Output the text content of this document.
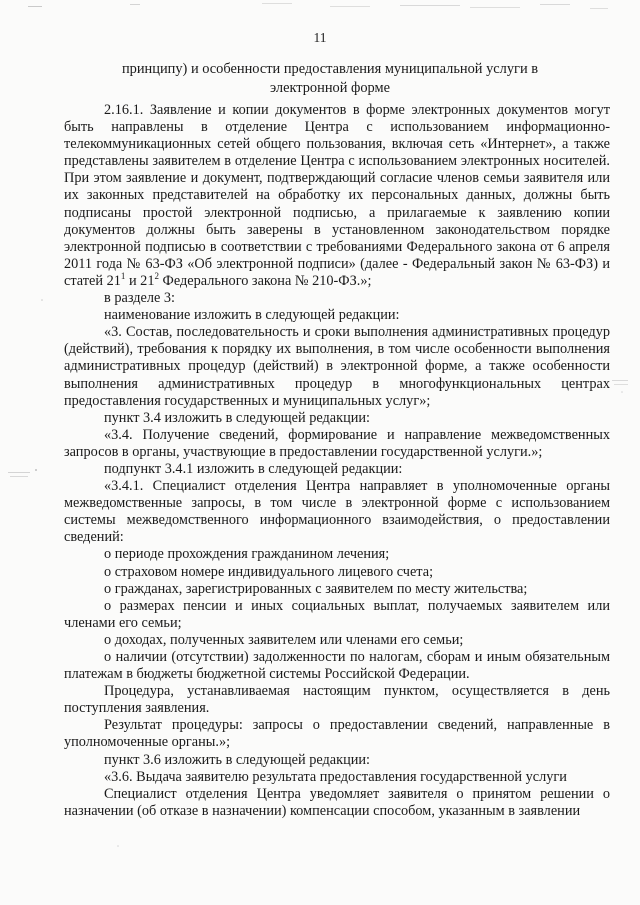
11
принципу) и особенности предоставления муниципальной услуги в электронной форме

2.16.1. Заявление и копии документов в форме электронных документов могут быть направлены в отделение Центра с использованием информационно-телекоммуникационных сетей общего пользования, включая сеть «Интернет», а также представлены заявителем в отделение Центра с использованием электронных носителей. При этом заявление и документ, подтверждающий согласие членов семьи заявителя или их законных представителей на обработку их персональных данных, должны быть подписаны простой электронной подписью, а прилагаемые к заявлению копии документов должны быть заверены в установленном законодательством порядке электронной подписью в соответствии с требованиями Федерального закона от 6 апреля 2011 года № 63-ФЗ «Об электронной подписи» (далее - Федеральный закон № 63-ФЗ) и статей $21^1$ и $21^2$ Федерального закона № 210-ФЗ.»;

в разделе 3:

наименование изложить в следующей редакции:

«3. Состав, последовательность и сроки выполнения административных процедур (действий), требования к порядку их выполнения, в том числе особенности выполнения административных процедур (действий) в электронной форме, а также особенности выполнения административных процедур в многофункциональных центрах предоставления государственных и муниципальных услуг»;

пункт 3.4 изложить в следующей редакции:

«3.4. Получение сведений, формирование и направление межведомственных запросов в органы, участвующие в предоставлении государственной услуги.»;

подпункт 3.4.1 изложить в следующей редакции:

«3.4.1. Специалист отделения Центра направляет в уполномоченные органы межведомственные запросы, в том числе в электронной форме с использованием системы межведомственного информационного взаимодействия, о предоставлении сведений:

о периоде прохождения гражданином лечения;

о страховом номере индивидуального лицевого счета;

о гражданах, зарегистрированных с заявителем по месту жительства;

о размерах пенсии и иных социальных выплат, получаемых заявителем или членами его семьи;

о доходах, полученных заявителем или членами его семьи;

о наличии (отсутствии) задолженности по налогам, сборам и иным обязательным платежам в бюджеты бюджетной системы Российской Федерации.

Процедура, устанавливаемая настоящим пунктом, осуществляется в день поступления заявления.

Результат процедуры: запросы о предоставлении сведений, направленные в уполномоченные органы.»;

пункт 3.6 изложить в следующей редакции:

«3.6. Выдача заявителю результата предоставления государственной услуги

Специалист отделения Центра уведомляет заявителя о принятом решении о назначении (об отказе в назначении) компенсации способом, указанным в заявлении
